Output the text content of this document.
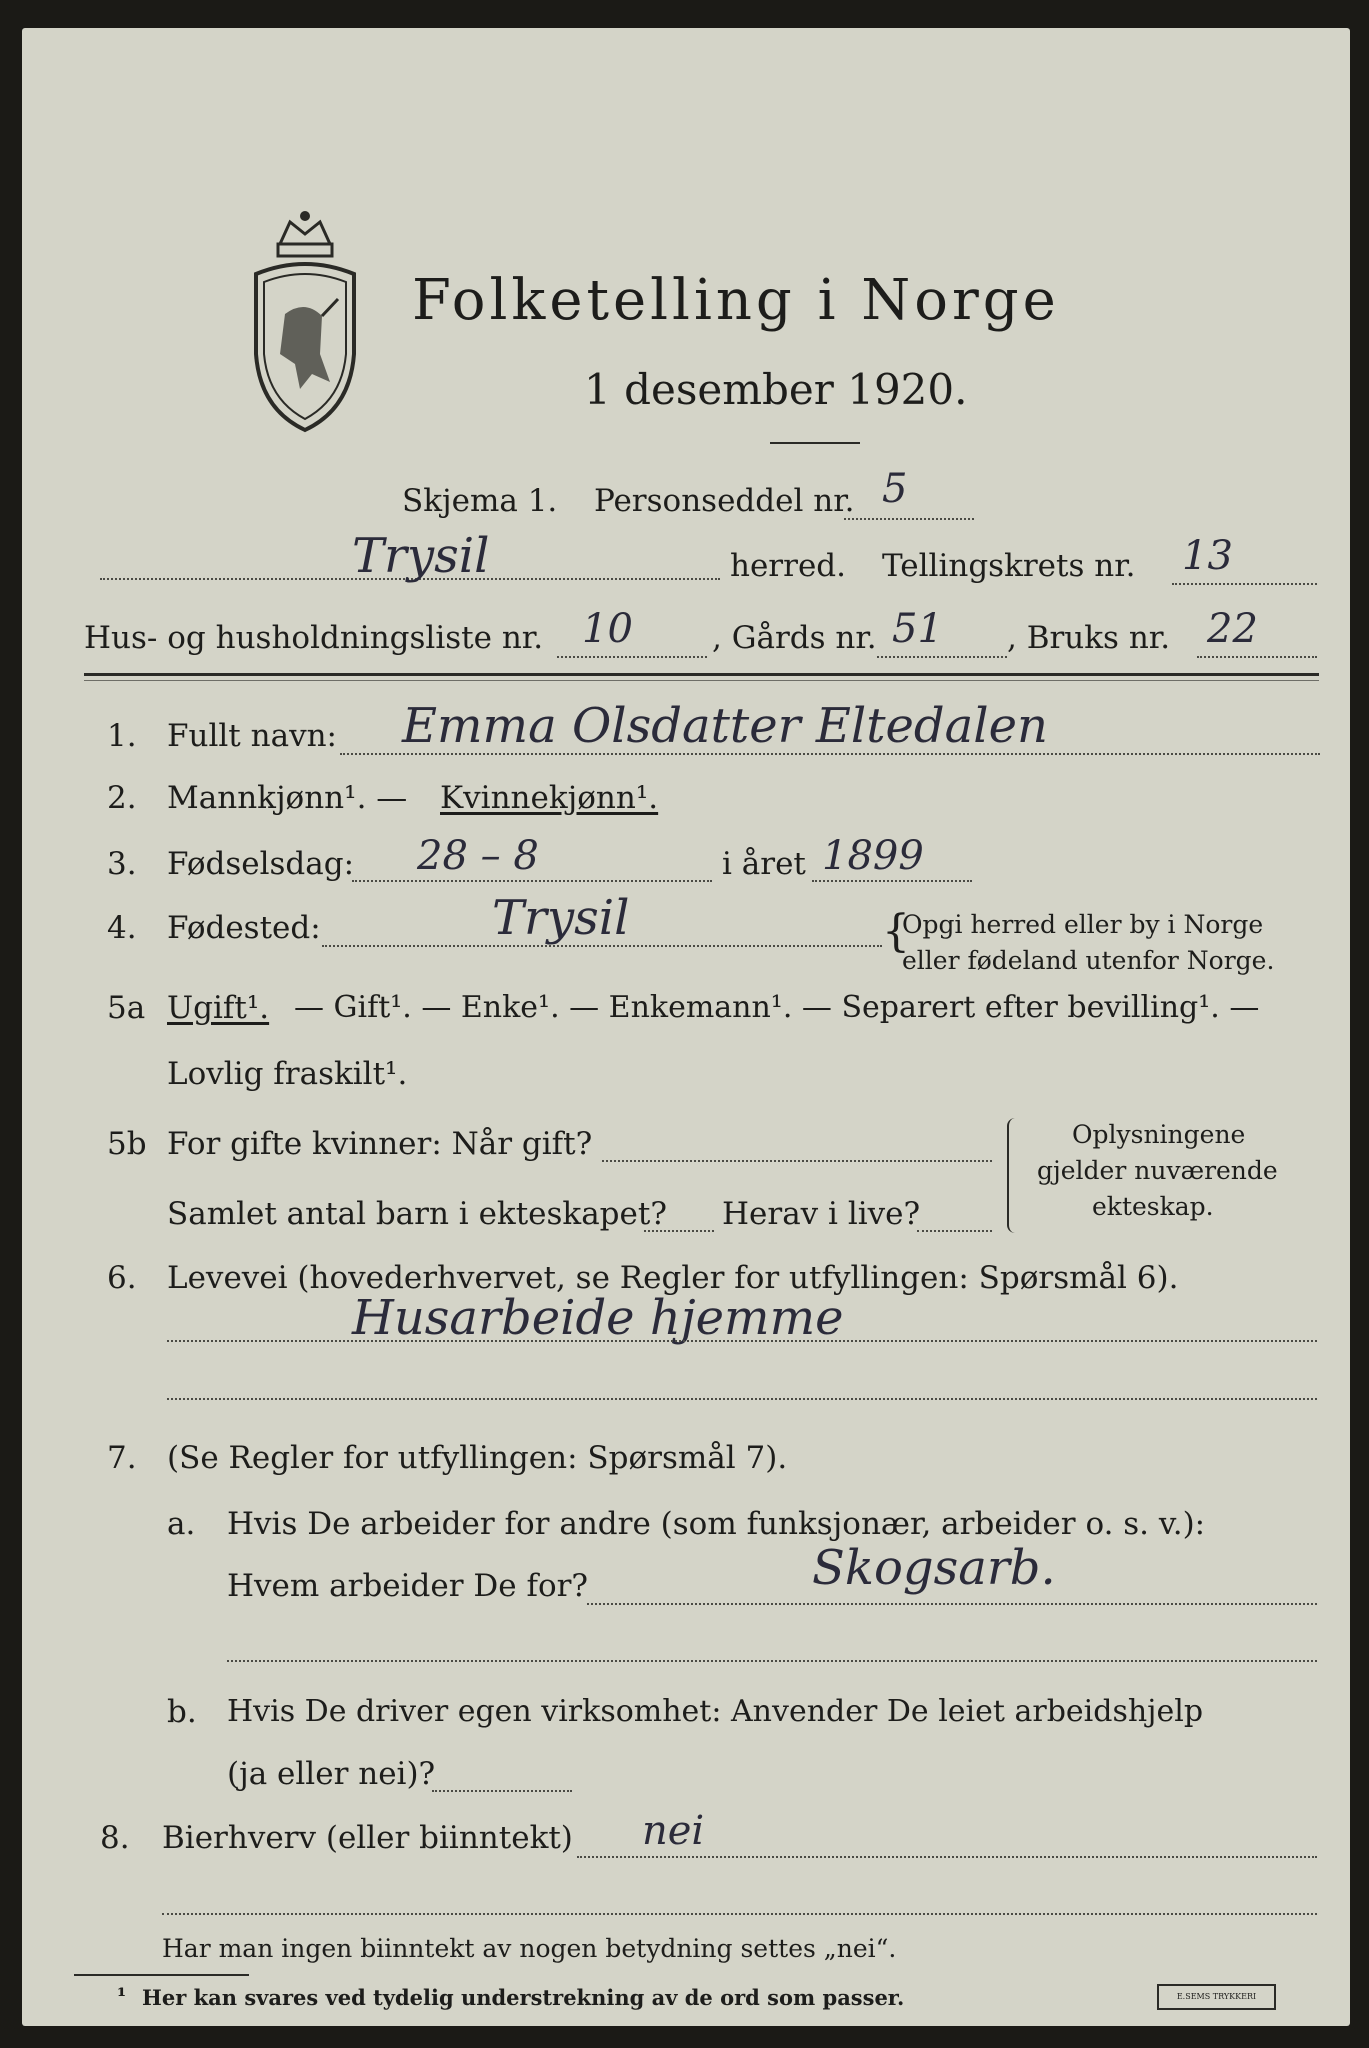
Folketelling i Norge
1 desember 1920.
Skjema 1. Personseddel nr. 5
Trysil	herred. Tellingskrets nr. 13
Hus- og husholdningsliste nr. 10	, Gårds nr. 51 , Bruks nr. 22
1. Fullt navn: Emma Olsdatter Eltedalen
2. Mannkjønn¹. — Kvinnekjønn¹.
3. Fødselsdag: 28 – 8	i året 1899
4. Fødested:	Trysil	{
Opgi herred eller by i Norge
eller fødeland utenfor Norge.
5a Ugift¹. — Gift¹. — Enke¹. — Enkemann¹. — Separert efter bevilling¹. —
Lovlig fraskilt¹.
5b For gifte kvinner: Når gift?
Samlet antal barn i ekteskapet? Herav i live?
Oplysningene
gjelder nuværende
ekteskap.
6. Levevei (hovederhvervet, se Regler for utfyllingen: Spørsmål 6).
Husarbeide hjemme
7. (Se Regler for utfyllingen: Spørsmål 7).
a. Hvis De arbeider for andre (som funksjonær, arbeider o. s. v.):
Hvem arbeider De for?	Skogsarb.
b. Hvis De driver egen virksomhet: Anvender De leiet arbeidshjelp
(ja eller nei)?
8. Bierhverv (eller biinntekt) nei
Har man ingen biinntekt av nogen betydning settes „nei“.
¹ Her kan svares ved tydelig understrekning av de ord som passer.	E.SEMS TRYKKERI
